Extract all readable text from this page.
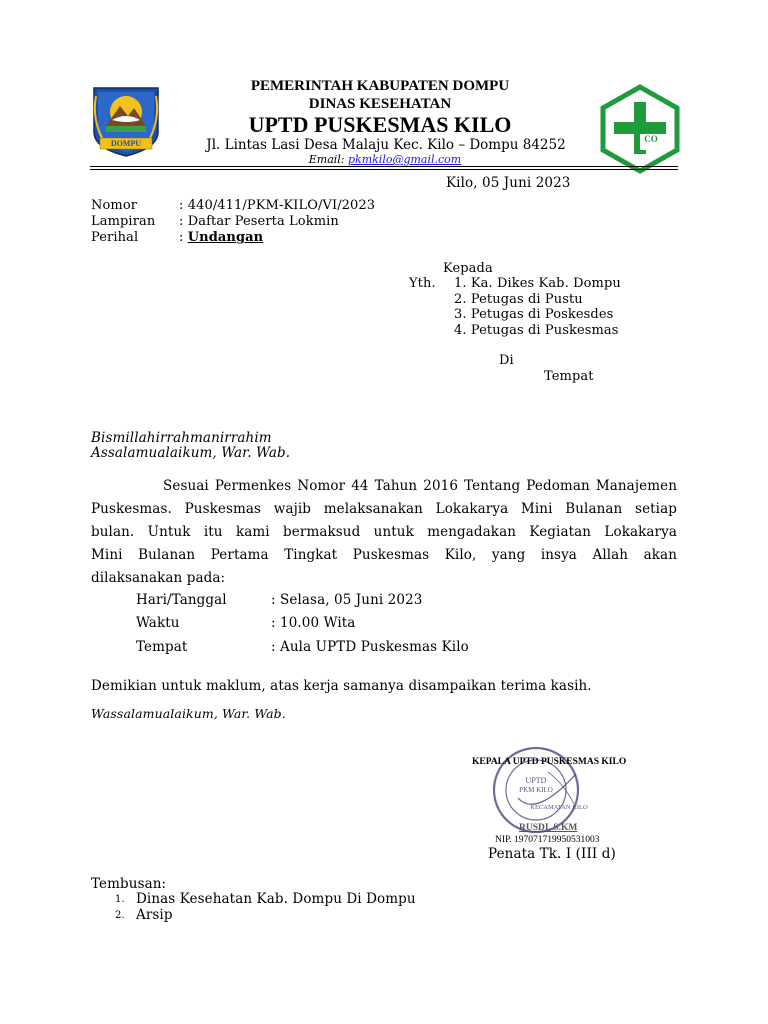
DOMPU	CO
PEMERINTAH KABUPATEN DOMPU
DINAS KESEHATAN
UPTD PUSKESMAS KILO
Jl. Lintas Lasi Desa Malaju Kec. Kilo – Dompu 84252
Email: pkmkilo@gmail.com
Kilo, 05 Juni 2023
Nomor	: 440/411/PKM-KILO/VI/2023
Lampiran : Daftar Peserta Lokmin
Perihal	: Undangan
Kepada
Yth. 1. Ka. Dikes Kab. Dompu
2. Petugas di Pustu
3. Petugas di Poskesdes
4. Petugas di Puskesmas
Di
Tempat
Bismillahirrahmanirrahim
Assalamualaikum, War. Wab.
Sesuai Permenkes Nomor 44 Tahun 2016 Tentang Pedoman Manajemen
Puskesmas. Puskesmas wajib melaksanakan Lokakarya Mini Bulanan setiap
bulan. Untuk itu kami bermaksud untuk mengadakan Kegiatan Lokakarya
Mini Bulanan Pertama Tingkat Puskesmas Kilo, yang insya Allah akan
dilaksanakan pada:
Hari/Tanggal	: Selasa, 05 Juni 2023
Waktu	: 10.00 Wita
Tempat	: Aula UPTD Puskesmas Kilo
Demikian untuk maklum, atas kerja samanya disampaikan terima kasih.
Wassalamualaikum, War. Wab.
UPTD
PKM KILO
KECAMATAN KILO
KEPALA UPTD PUSKESMAS KILO
RUSDI, S.KM
NIP. 197071719950531003
Penata Tk. I (III d)
Tembusan:
1. Dinas Kesehatan Kab. Dompu Di Dompu
2. Arsip
